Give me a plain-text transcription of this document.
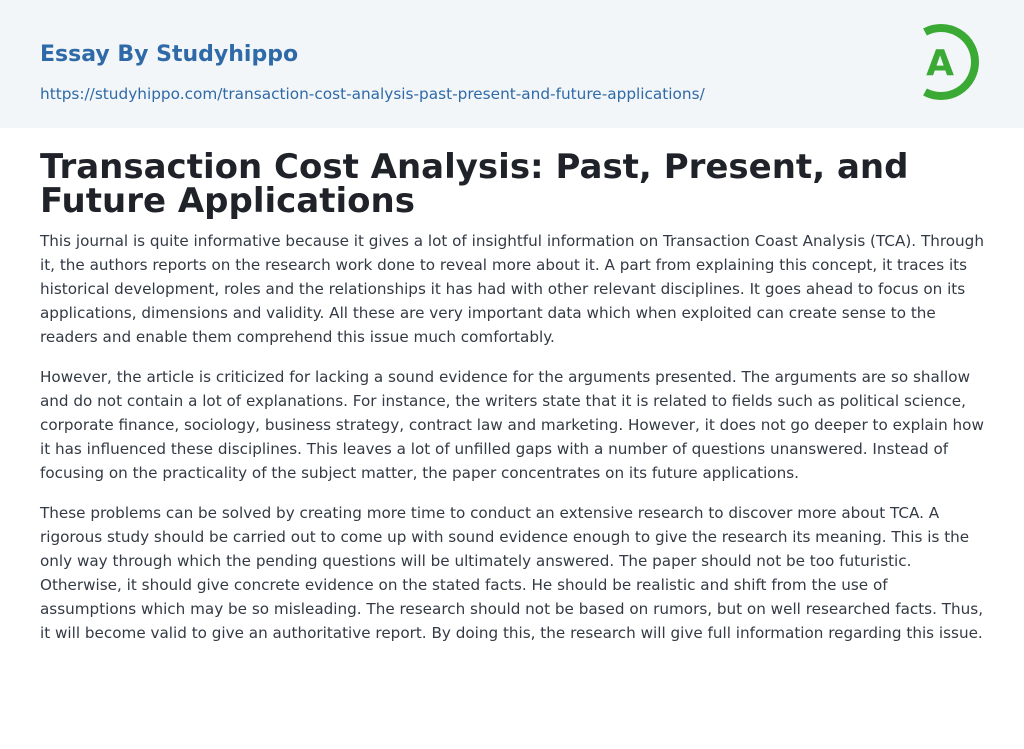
Essay By Studyhippo
https://studyhippo.com/transaction-cost-analysis-past-present-and-future-applications/
A
Transaction Cost Analysis: Past, Present, and Future Applications

This journal is quite informative because it gives a lot of insightful information on Transaction Coast Analysis (TCA). Through it, the authors reports on the research work done to reveal more about it. A part from explaining this concept, it traces its historical development, roles and the relationships it has had with other relevant disciplines. It goes ahead to focus on its applications, dimensions and validity. All these are very important data which when exploited can create sense to the readers and enable them comprehend this issue much comfortably.

However, the article is criticized for lacking a sound evidence for the arguments presented. The arguments are so shallow and do not contain a lot of explanations. For instance, the writers state that it is related to fields such as political science, corporate finance, sociology, business strategy, contract law and marketing. However, it does not go deeper to explain how it has influenced these disciplines. This leaves a lot of unfilled gaps with a number of questions unanswered. Instead of focusing on the practicality of the subject matter, the paper concentrates on its future applications.

These problems can be solved by creating more time to conduct an extensive research to discover more about TCA. A rigorous study should be carried out to come up with sound evidence enough to give the research its meaning. This is the only way through which the pending questions will be ultimately answered. The paper should not be too futuristic. Otherwise, it should give concrete evidence on the stated facts. He should be realistic and shift from the use of assumptions which may be so misleading. The research should not be based on rumors, but on well researched facts. Thus, it will become valid to give an authoritative report. By doing this, the research will give full information regarding this issue.
